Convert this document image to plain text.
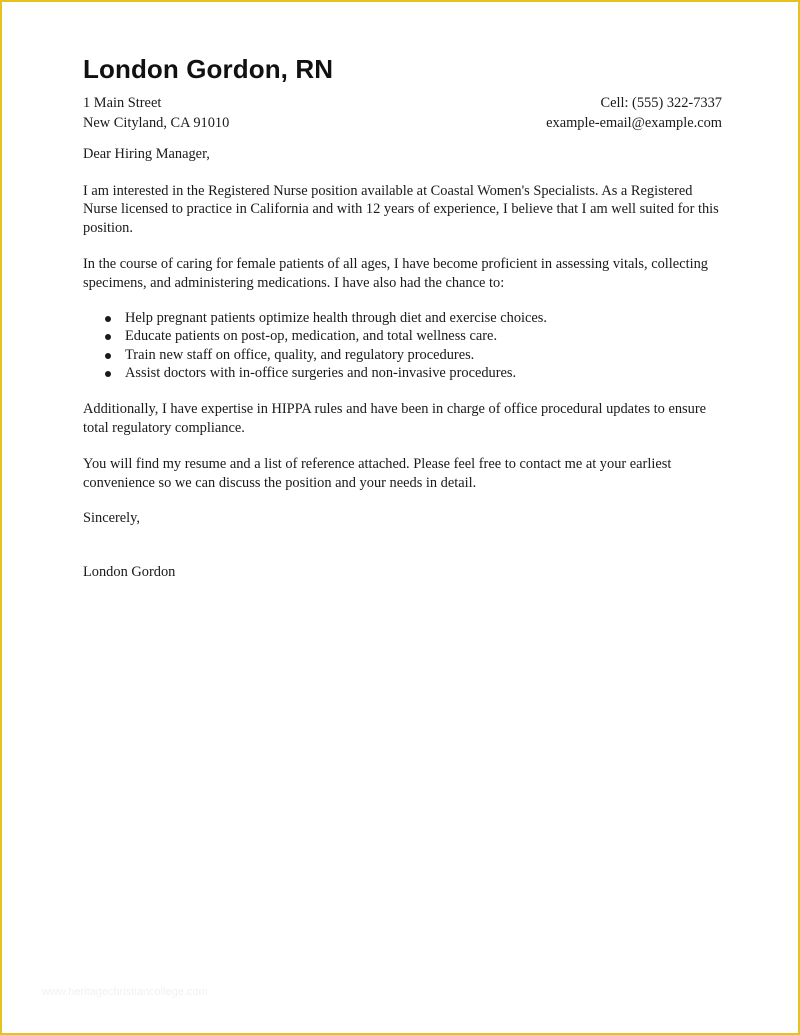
London Gordon, RN
1 Main Street
New Cityland, CA 91010
Cell: (555) 322-7337
example-email@example.com
Dear Hiring Manager,

I am interested in the Registered Nurse position available at Coastal Women's Specialists. As a Registered Nurse licensed to practice in California and with 12 years of experience, I believe that I am well suited for this position.

In the course of caring for female patients of all ages, I have become proficient in assessing vitals, collecting specimens, and administering medications. I have also had the chance to:

Help pregnant patients optimize health through diet and exercise choices.
Educate patients on post-op, medication, and total wellness care.
Train new staff on office, quality, and regulatory procedures.
Assist doctors with in-office surgeries and non-invasive procedures.

Additionally, I have expertise in HIPPA rules and have been in charge of office procedural updates to ensure total regulatory compliance.

You will find my resume and a list of reference attached. Please feel free to contact me at your earliest convenience so we can discuss the position and your needs in detail.

Sincerely,
London Gordon
www.heritagechristiancollege.com
